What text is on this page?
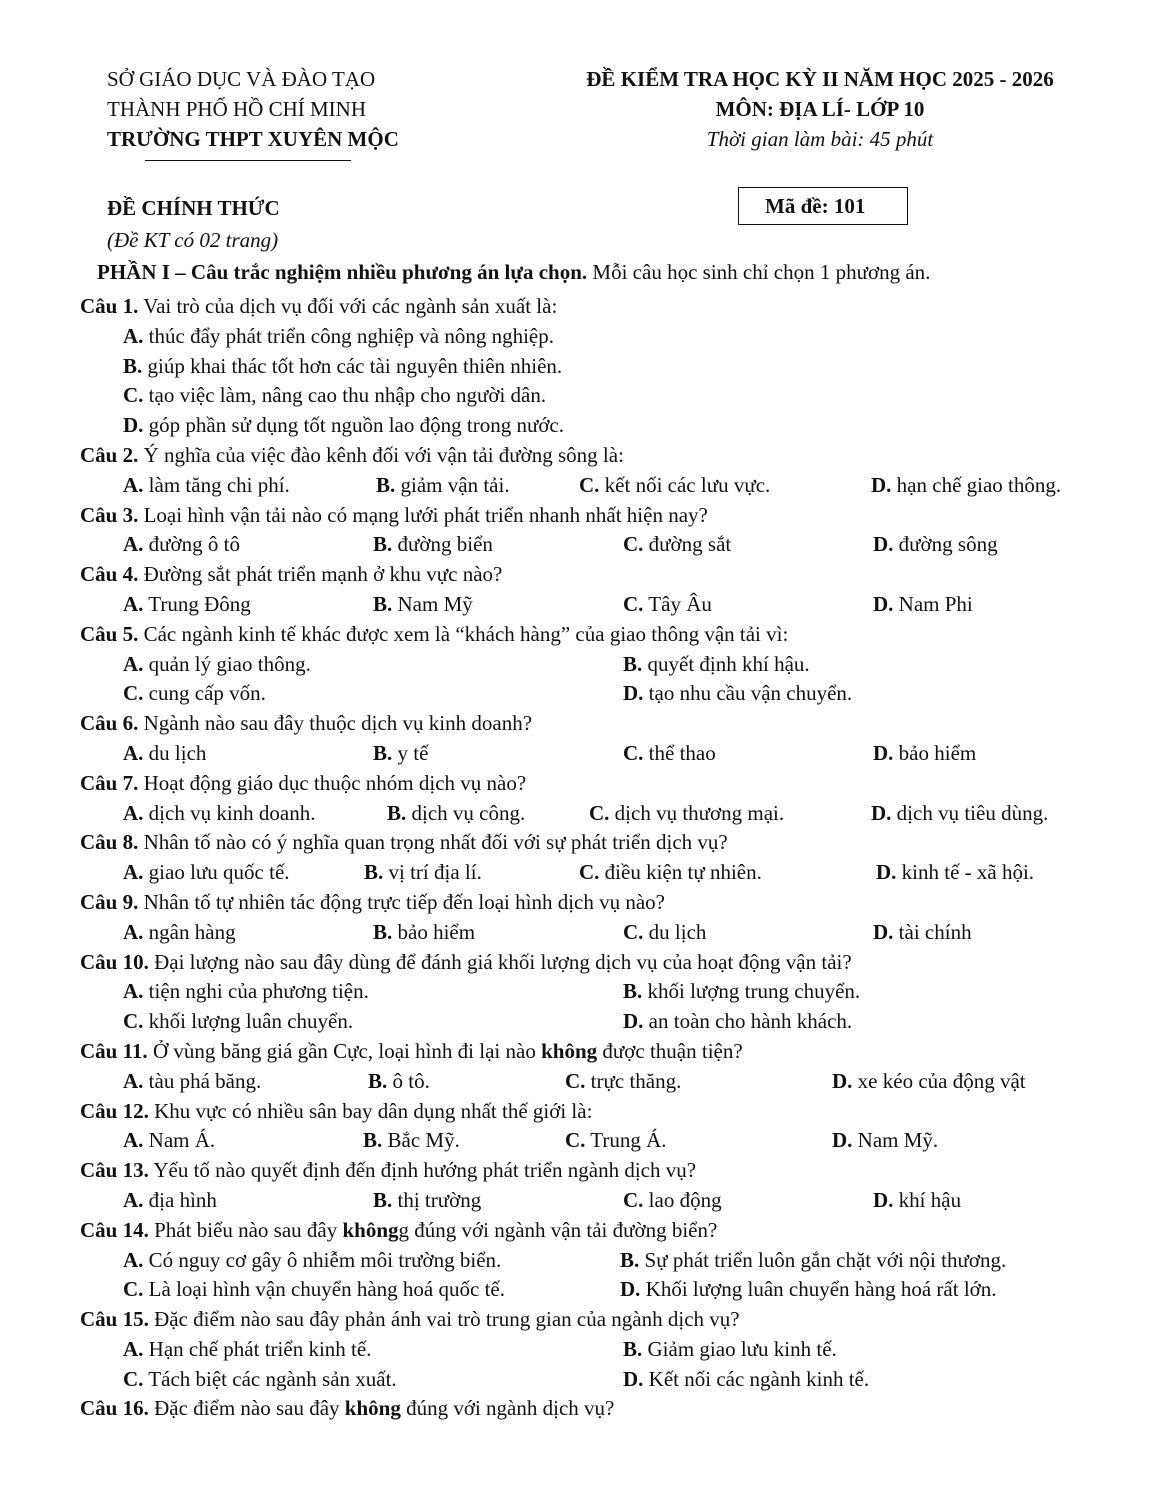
SỞ GIÁO DỤC VÀ ĐÀO TẠO
THÀNH PHỐ HỒ CHÍ MINH
TRƯỜNG THPT XUYÊN MỘC
ĐỀ KIỂM TRA HỌC KỲ II NĂM HỌC 2025 - 2026
MÔN: ĐỊA LÍ- LỚP 10
Thời gian làm bài: 45 phút
ĐỀ CHÍNH THỨC
(Đề KT có 02 trang)
Mã đề: 101
PHẦN I – Câu trắc nghiệm nhiều phương án lựa chọn. Mỗi câu học sinh chỉ chọn 1 phương án.
Câu 1. Vai trò của dịch vụ đối với các ngành sản xuất là:
A. thúc đẩy phát triển công nghiệp và nông nghiệp.
B. giúp khai thác tốt hơn các tài nguyên thiên nhiên.
C. tạo việc làm, nâng cao thu nhập cho người dân.
D. góp phần sử dụng tốt nguồn lao động trong nước.
Câu 2. Ý nghĩa của việc đào kênh đối với vận tải đường sông là:
A. làm tăng chi phí.	B. giảm vận tải.	C. kết nối các lưu vực.	D. hạn chế giao thông.
Câu 3. Loại hình vận tải nào có mạng lưới phát triển nhanh nhất hiện nay?
A. đường ô tô	B. đường biển	C. đường sắt	D. đường sông
Câu 4. Đường sắt phát triển mạnh ở khu vực nào?
A. Trung Đông	B. Nam Mỹ	C. Tây Âu	D. Nam Phi
Câu 5. Các ngành kinh tế khác được xem là “khách hàng” của giao thông vận tải vì:
A. quản lý giao thông.	B. quyết định khí hậu.
C. cung cấp vốn.	D. tạo nhu cầu vận chuyển.
Câu 6. Ngành nào sau đây thuộc dịch vụ kinh doanh?
A. du lịch	B. y tế	C. thể thao	D. bảo hiểm
Câu 7. Hoạt động giáo dục thuộc nhóm dịch vụ nào?
A. dịch vụ kinh doanh.	B. dịch vụ công.	C. dịch vụ thương mại.	D. dịch vụ tiêu dùng.
Câu 8. Nhân tố nào có ý nghĩa quan trọng nhất đối với sự phát triển dịch vụ?
A. giao lưu quốc tế.	B. vị trí địa lí.	C. điều kiện tự nhiên.	D. kinh tế - xã hội.
Câu 9. Nhân tố tự nhiên tác động trực tiếp đến loại hình dịch vụ nào?
A. ngân hàng	B. bảo hiểm	C. du lịch	D. tài chính
Câu 10. Đại lượng nào sau đây dùng để đánh giá khối lượng dịch vụ của hoạt động vận tải?
A. tiện nghi của phương tiện.	B. khối lượng trung chuyển.
C. khối lượng luân chuyển.	D. an toàn cho hành khách.
Câu 11. Ở vùng băng giá gần Cực, loại hình đi lại nào không được thuận tiện?
A. tàu phá băng.	B. ô tô.	C. trực thăng.	D. xe kéo của động vật
Câu 12. Khu vực có nhiều sân bay dân dụng nhất thế giới là:
A. Nam Á.	B. Bắc Mỹ.	C. Trung Á.	D. Nam Mỹ.
Câu 13. Yếu tố nào quyết định đến định hướng phát triển ngành dịch vụ?
A. địa hình	B. thị trường	C. lao động	D. khí hậu
Câu 14. Phát biểu nào sau đây khôngg đúng với ngành vận tải đường biển?
A. Có nguy cơ gây ô nhiễm môi trường biển.	B. Sự phát triển luôn gắn chặt với nội thương.
C. Là loại hình vận chuyển hàng hoá quốc tế.	D. Khối lượng luân chuyển hàng hoá rất lớn.
Câu 15. Đặc điểm nào sau đây phản ánh vai trò trung gian của ngành dịch vụ?
A. Hạn chế phát triển kinh tế.	B. Giảm giao lưu kinh tế.
C. Tách biệt các ngành sản xuất.	D. Kết nối các ngành kinh tế.
Câu 16. Đặc điểm nào sau đây không đúng với ngành dịch vụ?
